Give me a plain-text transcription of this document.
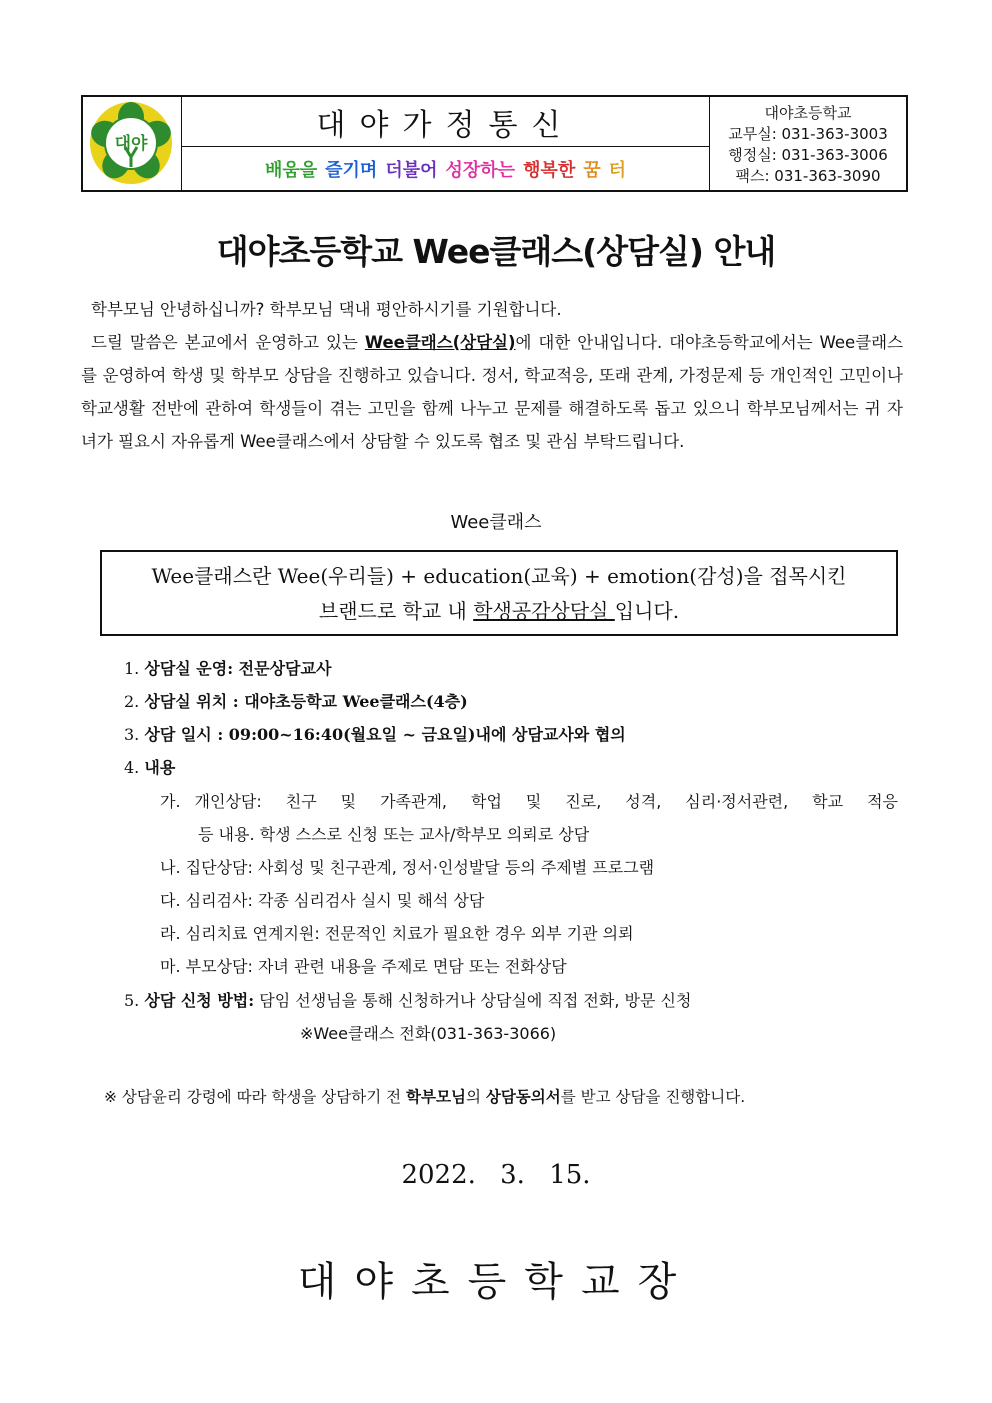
대야
대야가정통신
배움을 즐기며 더불어 성장하는 행복한 꿈 터
대야초등학교
교무실: 031-363-3003
행정실: 031-363-3006
팩스: 031-363-3090
대야초등학교 Wee클래스(상담실) 안내
학부모님 안녕하십니까? 학부모님 댁내 평안하시기를 기원합니다.
드릴 말씀은 본교에서 운영하고 있는 Wee클래스(상담실)에 대한 안내입니다. 대야초등학교에서는 Wee클래스를 운영하여 학생 및 학부모 상담을 진행하고 있습니다. 정서, 학교적응, 또래 관계, 가정문제 등 개인적인 고민이나 학교생활 전반에 관하여 학생들이 겪는 고민을 함께 나누고 문제를 해결하도록 돕고 있으니 학부모님께서는 귀 자녀가 필요시 자유롭게 Wee클래스에서 상담할 수 있도록 협조 및 관심 부탁드립니다.
Wee클래스
Wee클래스란 Wee(우리들) + education(교육) + emotion(감성)을 접목시킨
브랜드로 학교 내 학생공감상담실 입니다.
1. 상담실 운영: 전문상담교사
2. 상담실 위치 : 대야초등학교 Wee클래스(4층)
3. 상담 일시 : 09:00~16:40(월요일 ~ 금요일)내에 상담교사와 협의
4. 내용
가. 개인상담: 친구 및 가족관계, 학업 및 진로, 성격, 심리·정서관련, 학교 적응
등 내용. 학생 스스로 신청 또는 교사/학부모 의뢰로 상담
나. 집단상담: 사회성 및 친구관계, 정서·인성발달 등의 주제별 프로그램
다. 심리검사: 각종 심리검사 실시 및 해석 상담
라. 심리치료 연계지원: 전문적인 치료가 필요한 경우 외부 기관 의뢰
마. 부모상담: 자녀 관련 내용을 주제로 면담 또는 전화상담
5. 상담 신청 방법: 담임 선생님을 통해 신청하거나 상담실에 직접 전화, 방문 신청
※Wee클래스 전화(031-363-3066)
※ 상담윤리 강령에 따라 학생을 상담하기 전 학부모님의 상담동의서를 받고 상담을 진행합니다.
2022. 3. 15.
대야초등학교장
